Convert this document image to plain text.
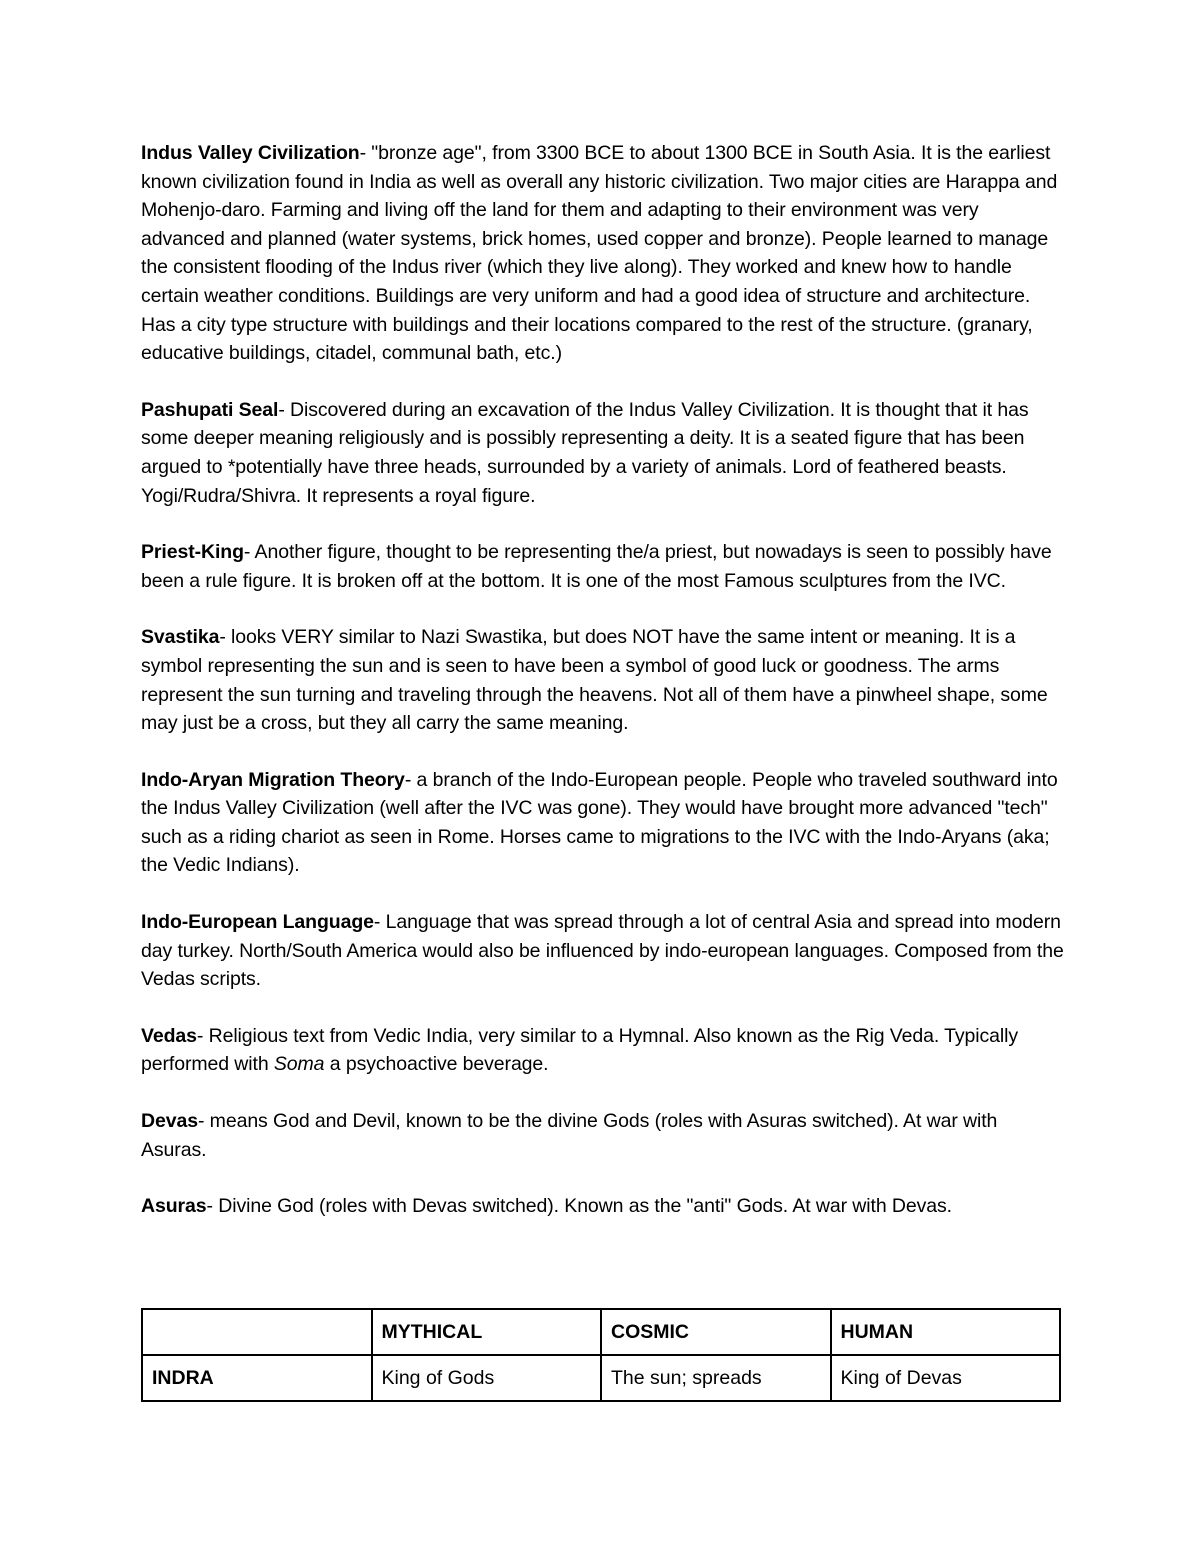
Indus Valley Civilization- "bronze age", from 3300 BCE to about 1300 BCE in South Asia. It is the earliest known civilization found in India as well as overall any historic civilization. Two major cities are Harappa and Mohenjo-daro. Farming and living off the land for them and adapting to their environment was very advanced and planned (water systems, brick homes, used copper and bronze). People learned to manage the consistent flooding of the Indus river (which they live along). They worked and knew how to handle certain weather conditions. Buildings are very uniform and had a good idea of structure and architecture. Has a city type structure with buildings and their locations compared to the rest of the structure. (granary, educative buildings, citadel, communal bath, etc.)

Pashupati Seal- Discovered during an excavation of the Indus Valley Civilization. It is thought that it has some deeper meaning religiously and is possibly representing a deity. It is a seated figure that has been argued to *potentially have three heads, surrounded by a variety of animals. Lord of feathered beasts. Yogi/Rudra/Shivra. It represents a royal figure.

Priest-King- Another figure, thought to be representing the/a priest, but nowadays is seen to possibly have been a rule figure. It is broken off at the bottom. It is one of the most Famous sculptures from the IVC.

Svastika- looks VERY similar to Nazi Swastika, but does NOT have the same intent or meaning. It is a symbol representing the sun and is seen to have been a symbol of good luck or goodness. The arms represent the sun turning and traveling through the heavens. Not all of them have a pinwheel shape, some may just be a cross, but they all carry the same meaning.

Indo-Aryan Migration Theory- a branch of the Indo-European people. People who traveled southward into the Indus Valley Civilization (well after the IVC was gone). They would have brought more advanced "tech" such as a riding chariot as seen in Rome. Horses came to migrations to the IVC with the Indo-Aryans (aka; the Vedic Indians).

Indo-European Language- Language that was spread through a lot of central Asia and spread into modern day turkey. North/South America would also be influenced by indo-european languages. Composed from the Vedas scripts.

Vedas- Religious text from Vedic India, very similar to a Hymnal. Also known as the Rig Veda. Typically performed with Soma a psychoactive beverage.

Devas- means God and Devil, known to be the divine Gods (roles with Asuras switched). At war with Asuras.

Asuras- Divine God (roles with Devas switched). Known as the "anti" Gods. At war with Devas.

	MYTHICAL	COSMIC	HUMAN
INDRA	King of Gods	The sun; spreads	King of Devas
